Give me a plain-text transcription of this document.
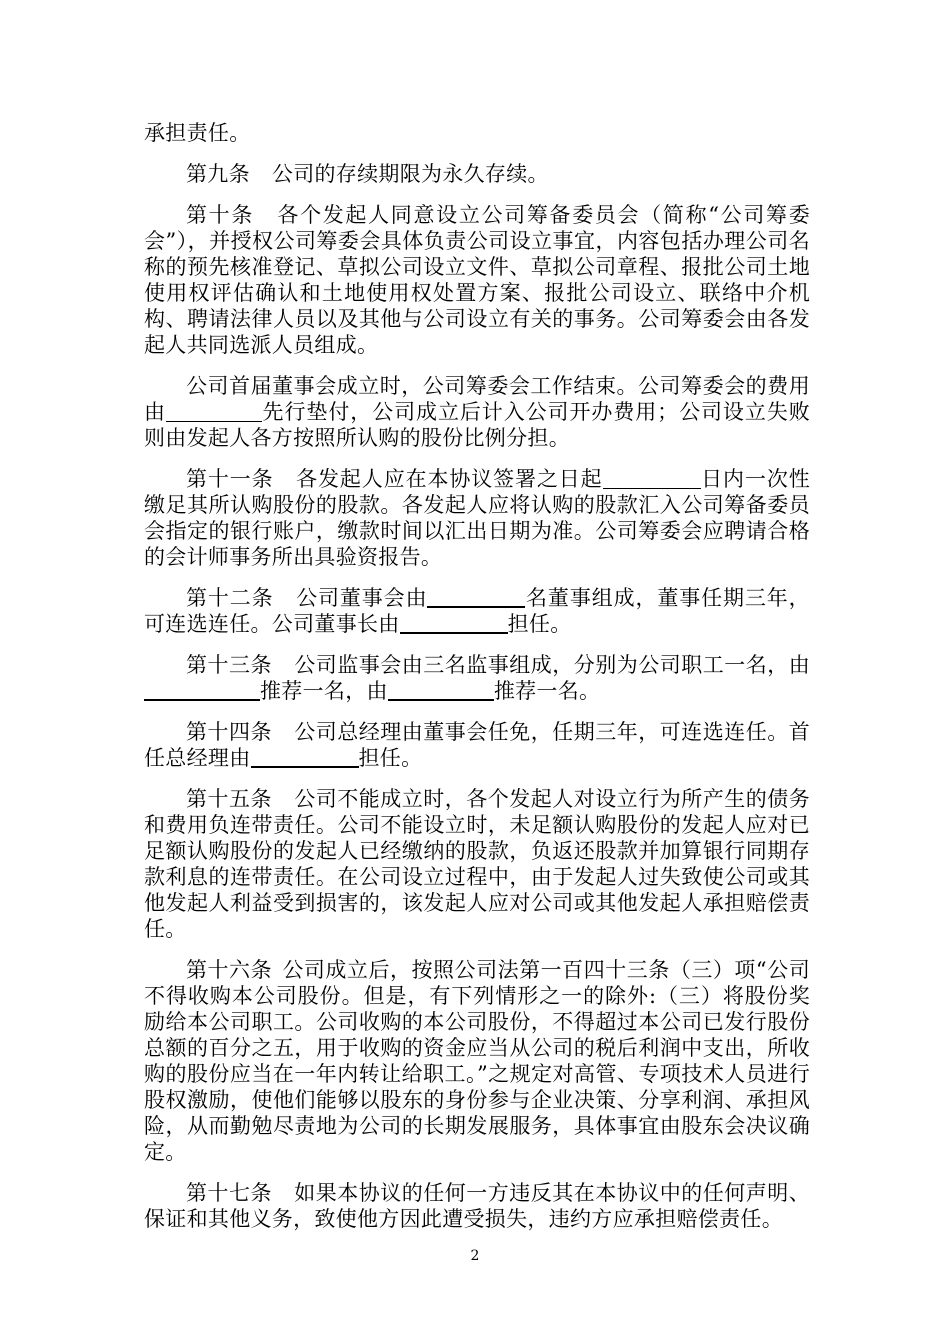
承担责任。

第九条 公司的存续期限为永久存续。

第十条 各个发起人同意设立公司筹备委员会（简称“公司筹委会”），并授权公司筹委会具体负责公司设立事宜，内容包括办理公司名称的预先核准登记、草拟公司设立文件、草拟公司章程、报批公司土地使用权评估确认和土地使用权处置方案、报批公司设立、联络中介机构、聘请法律人员以及其他与公司设立有关的事务。公司筹委会由各发起人共同选派人员组成。

公司首届董事会成立时，公司筹委会工作结束。公司筹委会的费用由	先行垫付，公司成立后计入公司开办费用；公司设立失败则由发起人各方按照所认购的股份比例分担。

第十一条 各发起人应在本协议签署之日起	日内一次性缴足其所认购股份的股款。各发起人应将认购的股款汇入公司筹备委员会指定的银行账户，缴款时间以汇出日期为准。公司筹委会应聘请合格的会计师事务所出具验资报告。

第十二条 公司董事会由	名董事组成，董事任期三年，可连选连任。公司董事长由	担任。

第十三条 公司监事会由三名监事组成，分别为公司职工一名，由推荐一名，由	推荐一名。

第十四条 公司总经理由董事会任免，任期三年，可连选连任。首任总经理由	担任。

第十五条 公司不能成立时，各个发起人对设立行为所产生的债务和费用负连带责任。公司不能设立时，未足额认购股份的发起人应对已足额认购股份的发起人已经缴纳的股款，负返还股款并加算银行同期存款利息的连带责任。在公司设立过程中，由于发起人过失致使公司或其他发起人利益受到损害的，该发起人应对公司或其他发起人承担赔偿责任。

第十六条 公司成立后，按照公司法第一百四十三条（三）项“公司不得收购本公司股份。但是，有下列情形之一的除外:（三）将股份奖励给本公司职工。公司收购的本公司股份，不得超过本公司已发行股份总额的百分之五，用于收购的资金应当从公司的税后利润中支出，所收购的股份应当在一年内转让给职工。”之规定对高管、专项技术人员进行股权激励，使他们能够以股东的身份参与企业决策、分享利润、承担风险，从而勤勉尽责地为公司的长期发展服务，具体事宜由股东会决议确定。

第十七条 如果本协议的任何一方违反其在本协议中的任何声明、保证和其他义务，致使他方因此遭受损失，违约方应承担赔偿责任。

2
